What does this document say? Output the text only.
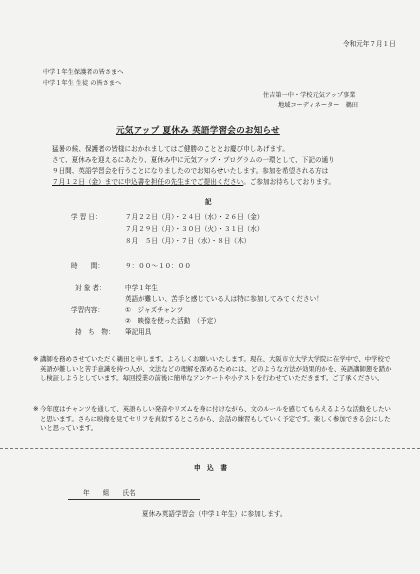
令和元年７月１日
中学１年生保護者の皆さまへ
中学１年生 生徒 の皆さまへ
住吉第一中・学校元気アップ事業
地域コーディネーター　鵜田
元気アップ 夏休み 英語学習会のお知らせ
猛暑の候、保護者の皆様におかれましてはご健勝のこととお慶び申しあげます。
さて、夏休みを迎えるにあたり、夏休み中に元気アップ・プログラムの一環として、下記の通り
９日間、英語学習会を行うことになりましたのでお知らせいたします。参加を希望される方は
７月１２日（金）までに申込書を担任の先生までご提出ください。ご参加お待ちしております。
記
学 習 日：	７月２２日（月）・２４日（水）・２６日（金）
７月２９日（月）・３０日（火）・３１日（水）
８月　５日（月）・７日（水）・８日（木）
時　　間：	９：００〜１０：００
対 象 者：	中学１年生
英語が難しい、苦手と感じている人は特に参加してみてください！
学習内容：	①　ジャズチャンツ
②　映像を使った活動　（予定）
持　ち　物： 筆記用具
※ 講師を務めさせていただく鵜田と申します。よろしくお願いいたします。現在、大阪市立大学大学院に在学中で、中学校で英語が難しいと苦手意識を持つ人が、文法などの理解を深めるためには、どのような方法が効果的かを、英語講師懇を踏かし検証しようとしています。毎回授業の前後に簡単なアンケートや小テストを行わせていただきます。ご了承ください。
※ 今年度はチャンツを通して、英語らしい発音やリズムを身に付けながら、文のルールを感じてもらえるような活動をしたいと思います。さらに映像を見てセリフを真似するところから、会話の練習もしていく予定です。楽しく参加できる会にしたいと思っています。
申　込　書
年　　組　　氏名
夏休み英語学習会（中学１年生）に参加します。
